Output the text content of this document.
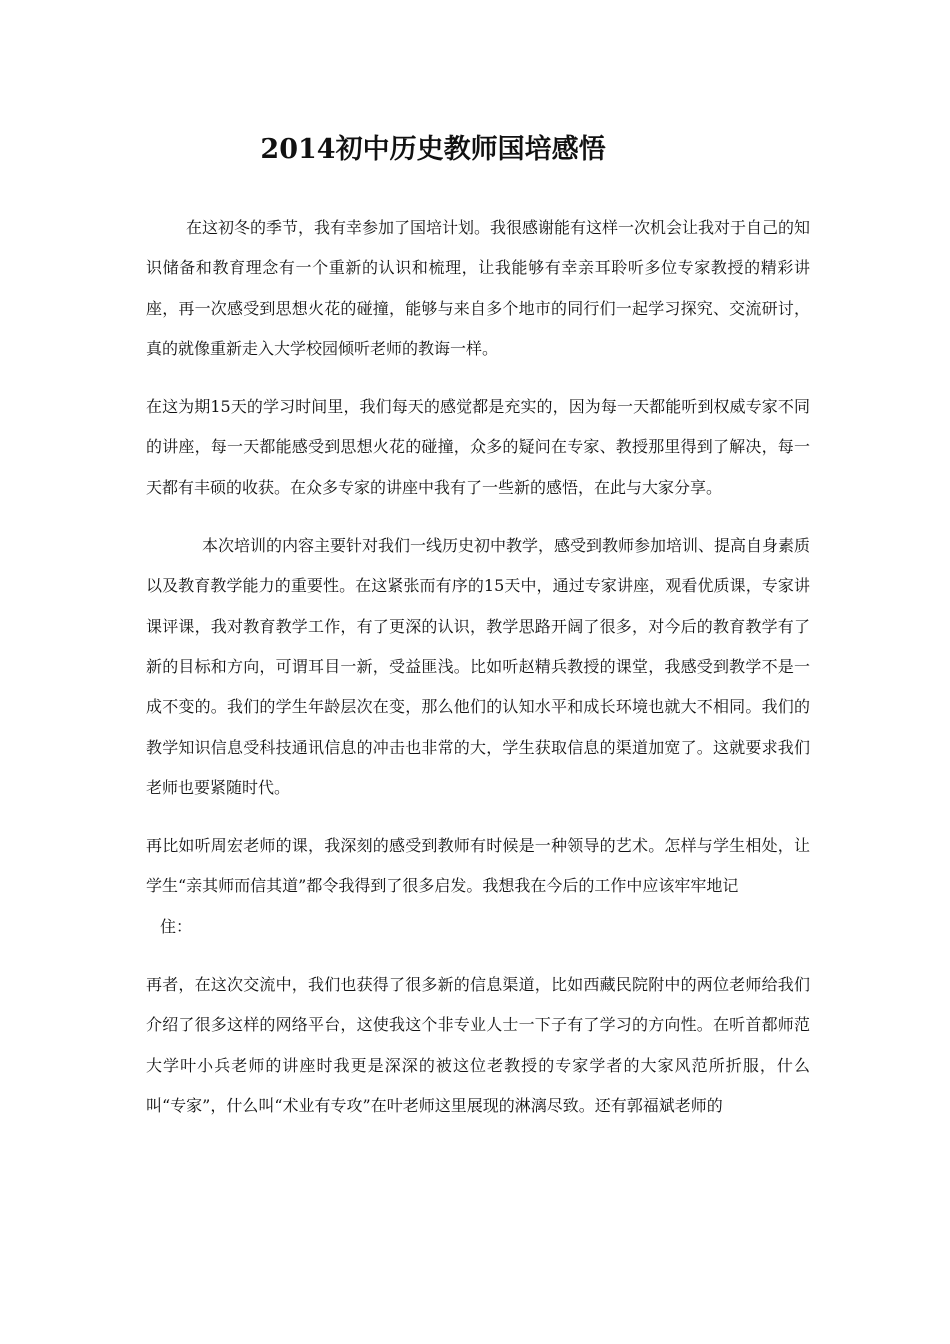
2014初中历史教师国培感悟

在这初冬的季节，我有幸参加了国培计划。我很感谢能有这样一次机会让我对于自己的知识储备和教育理念有一个重新的认识和梳理，让我能够有幸亲耳聆听多位专家教授的精彩讲座，再一次感受到思想火花的碰撞，能够与来自多个地市的同行们一起学习探究、交流研讨，真的就像重新走入大学校园倾听老师的教诲一样。

在这为期15天的学习时间里，我们每天的感觉都是充实的，因为每一天都能听到权威专家不同的讲座，每一天都能感受到思想火花的碰撞，众多的疑问在专家、教授那里得到了解决，每一天都有丰硕的收获。在众多专家的讲座中我有了一些新的感悟，在此与大家分享。

本次培训的内容主要针对我们一线历史初中教学，感受到教师参加培训、提高自身素质以及教育教学能力的重要性。在这紧张而有序的15天中，通过专家讲座，观看优质课，专家讲课评课，我对教育教学工作，有了更深的认识，教学思路开阔了很多，对今后的教育教学有了新的目标和方向，可谓耳目一新，受益匪浅。比如听赵精兵教授的课堂，我感受到教学不是一成不变的。我们的学生年龄层次在变，那么他们的认知水平和成长环境也就大不相同。我们的教学知识信息受科技通讯信息的冲击也非常的大，学生获取信息的渠道加宽了。这就要求我们老师也要紧随时代。

再比如听周宏老师的课，我深刻的感受到教师有时候是一种领导的艺术。怎样与学生相处，让学生“亲其师而信其道”都令我得到了很多启发。我想我在今后的工作中应该牢牢地记

住：

再者，在这次交流中，我们也获得了很多新的信息渠道，比如西藏民院附中的两位老师给我们介绍了很多这样的网络平台，这使我这个非专业人士一下子有了学习的方向性。在听首都师范大学叶小兵老师的讲座时我更是深深的被这位老教授的专家学者的大家风范所折服，什么叫“专家”，什么叫“术业有专攻”在叶老师这里展现的淋漓尽致。还有郭福斌老师的
